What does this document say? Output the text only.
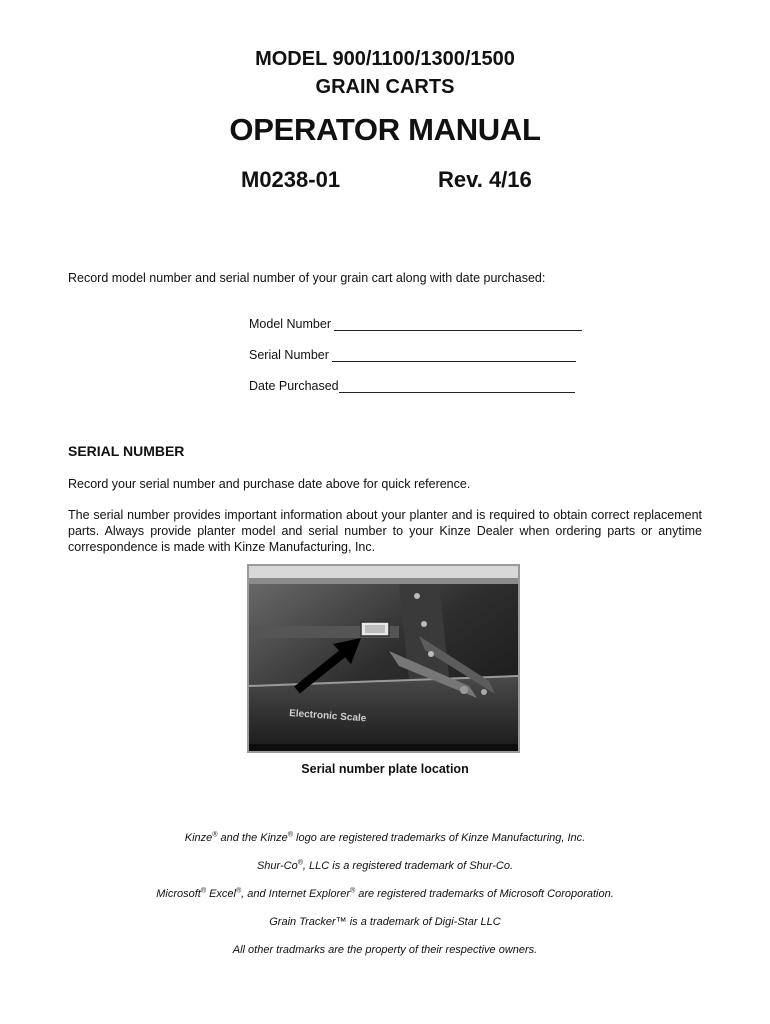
MODEL 900/1100/1300/1500
GRAIN CARTS
OPERATOR MANUAL
M0238-01	Rev. 4/16
Record model number and serial number of your grain cart along with date purchased:
Model Number
Serial Number
Date Purchased
SERIAL NUMBER
Record your serial number and purchase date above for quick reference.
The serial number provides important information about your planter and is required to obtain correct replacement parts. Always provide planter model and serial number to your Kinze Dealer when ordering parts or anytime correspondence is made with Kinze Manufacturing, Inc.
Electronic Scale
Serial number plate location
Kinze® and the Kinze® logo are registered trademarks of Kinze Manufacturing, Inc.
Shur-Co®, LLC is a registered trademark of Shur-Co.
Microsoft® Excel®, and Internet Explorer® are registered trademarks of Microsoft Coroporation.
Grain Tracker™ is a trademark of Digi-Star LLC
All other tradmarks are the property of their respective owners.
